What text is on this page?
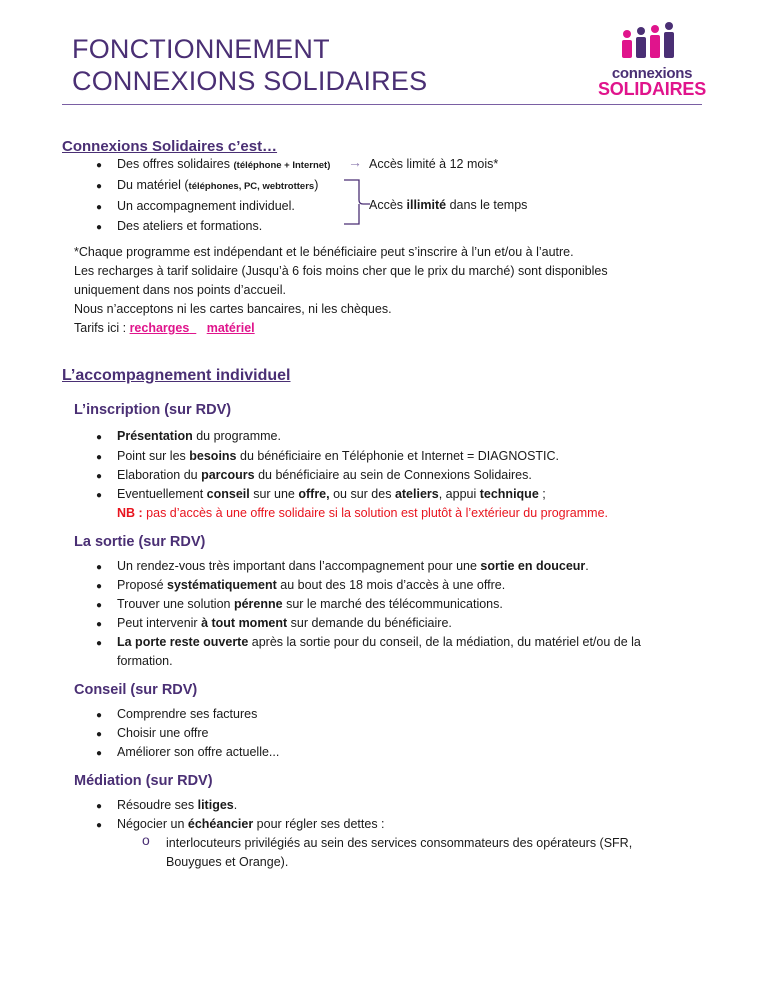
FONCTIONNEMENT
CONNEXIONS SOLIDAIRES	connexions
SOLIDAIRES
Connexions Solidaires c’est…
● Des offres solidaires (téléphone + Internet)
● Du matériel (téléphones, PC, webtrotters)
● Un accompagnement individuel.
● Des ateliers et formations.
→ Accès limité à 12 mois*
Accès illimité dans le temps
*Chaque programme est indépendant et le bénéficiaire peut s’inscrire à l’un et/ou à l’autre.
Les recharges à tarif solidaire (Jusqu’à 6 fois moins cher que le prix du marché) sont disponibles
uniquement dans nos points d’accueil.
Nous n’acceptons ni les cartes bancaires, ni les chèques.
Tarifs ici : recharges matériel
L’accompagnement individuel
L’inscription (sur RDV)
● Présentation du programme.
● Point sur les besoins du bénéficiaire en Téléphonie et Internet = DIAGNOSTIC.
● Elaboration du parcours du bénéficiaire au sein de Connexions Solidaires.
● Eventuellement conseil sur une offre, ou sur des ateliers, appui technique ;
NB : pas d’accès à une offre solidaire si la solution est plutôt à l’extérieur du programme.
La sortie (sur RDV)
● Un rendez-vous très important dans l’accompagnement pour une sortie en douceur.
● Proposé systématiquement au bout des 18 mois d’accès à une offre.
● Trouver une solution pérenne sur le marché des télécommunications.
● Peut intervenir à tout moment sur demande du bénéficiaire.
● La porte reste ouverte après la sortie pour du conseil, de la médiation, du matériel et/ou de la
formation.
Conseil (sur RDV)
● Comprendre ses factures
● Choisir une offre
● Améliorer son offre actuelle...
Médiation (sur RDV)
● Résoudre ses litiges.
● Négocier un échéancier pour régler ses dettes :
o interlocuteurs privilégiés au sein des services consommateurs des opérateurs (SFR,
Bouygues et Orange).
